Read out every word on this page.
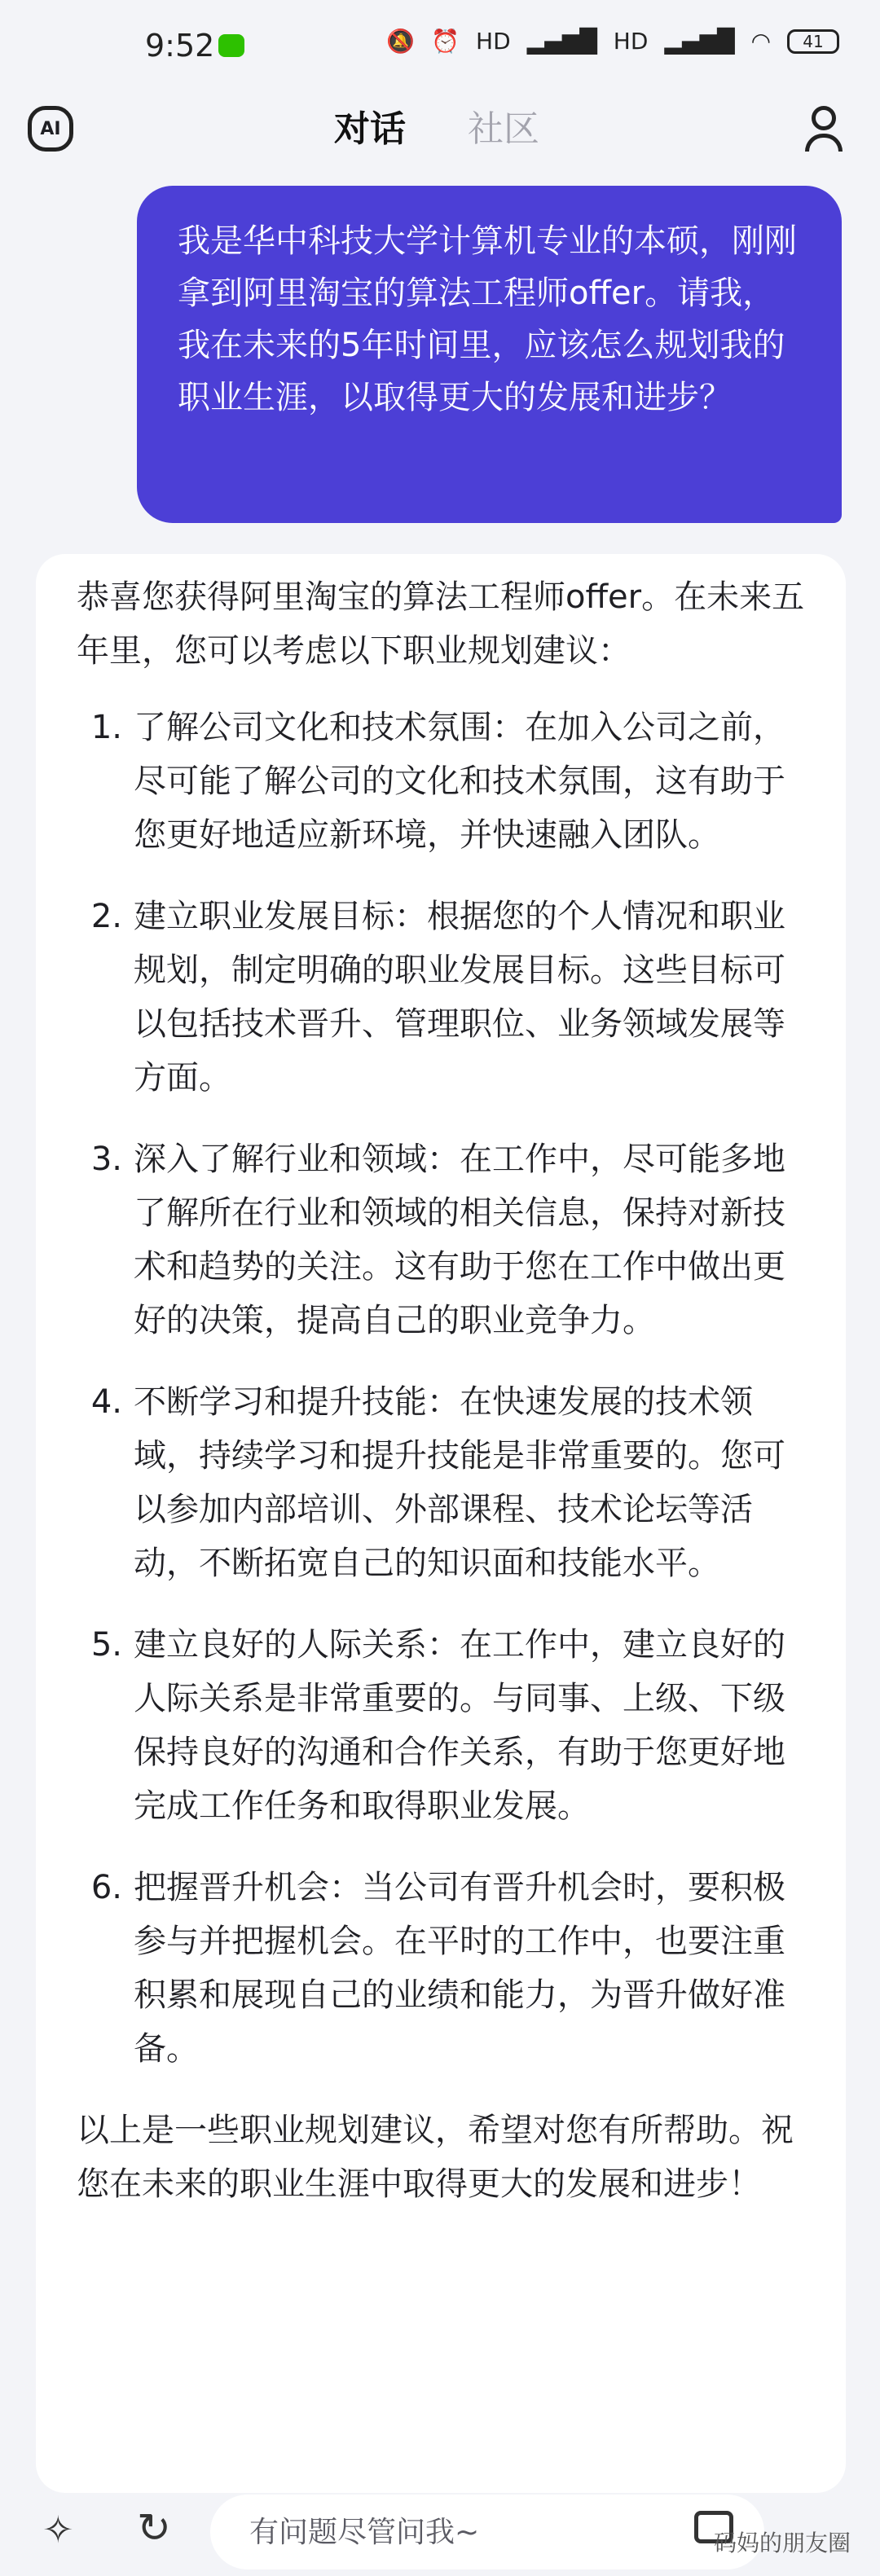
9:52	🔕 ⏰ HD ▂▄▆█ HD ▂▄▆█ ◠	41
AI	对话 社区
我是华中科技大学计算机专业的本硕，刚刚拿到阿里淘宝的算法工程师offer。请我，我在未来的5年时间里，应该怎么规划我的职业生涯，以取得更大的发展和进步？

恭喜您获得阿里淘宝的算法工程师offer。在未来五年里，您可以考虑以下职业规划建议：

1. 了解公司文化和技术氛围：在加入公司之前，尽可能了解公司的文化和技术氛围，这有助于您更好地适应新环境，并快速融入团队。
2. 建立职业发展目标：根据您的个人情况和职业规划，制定明确的职业发展目标。这些目标可以包括技术晋升、管理职位、业务领域发展等方面。
3. 深入了解行业和领域：在工作中，尽可能多地了解所在行业和领域的相关信息，保持对新技术和趋势的关注。这有助于您在工作中做出更好的决策，提高自己的职业竞争力。
4. 不断学习和提升技能：在快速发展的技术领域，持续学习和提升技能是非常重要的。您可以参加内部培训、外部课程、技术论坛等活动，不断拓宽自己的知识面和技能水平。
5. 建立良好的人际关系：在工作中，建立良好的人际关系是非常重要的。与同事、上级、下级保持良好的沟通和合作关系，有助于您更好地完成工作任务和取得职业发展。
6. 把握晋升机会：当公司有晋升机会时，要积极参与并把握机会。在平时的工作中，也要注重积累和展现自己的业绩和能力，为晋升做好准备。

以上是一些职业规划建议，希望对您有所帮助。祝您在未来的职业生涯中取得更大的发展和进步！

✧ ↻
有问题尽管问我~	码妈的朋友圈
